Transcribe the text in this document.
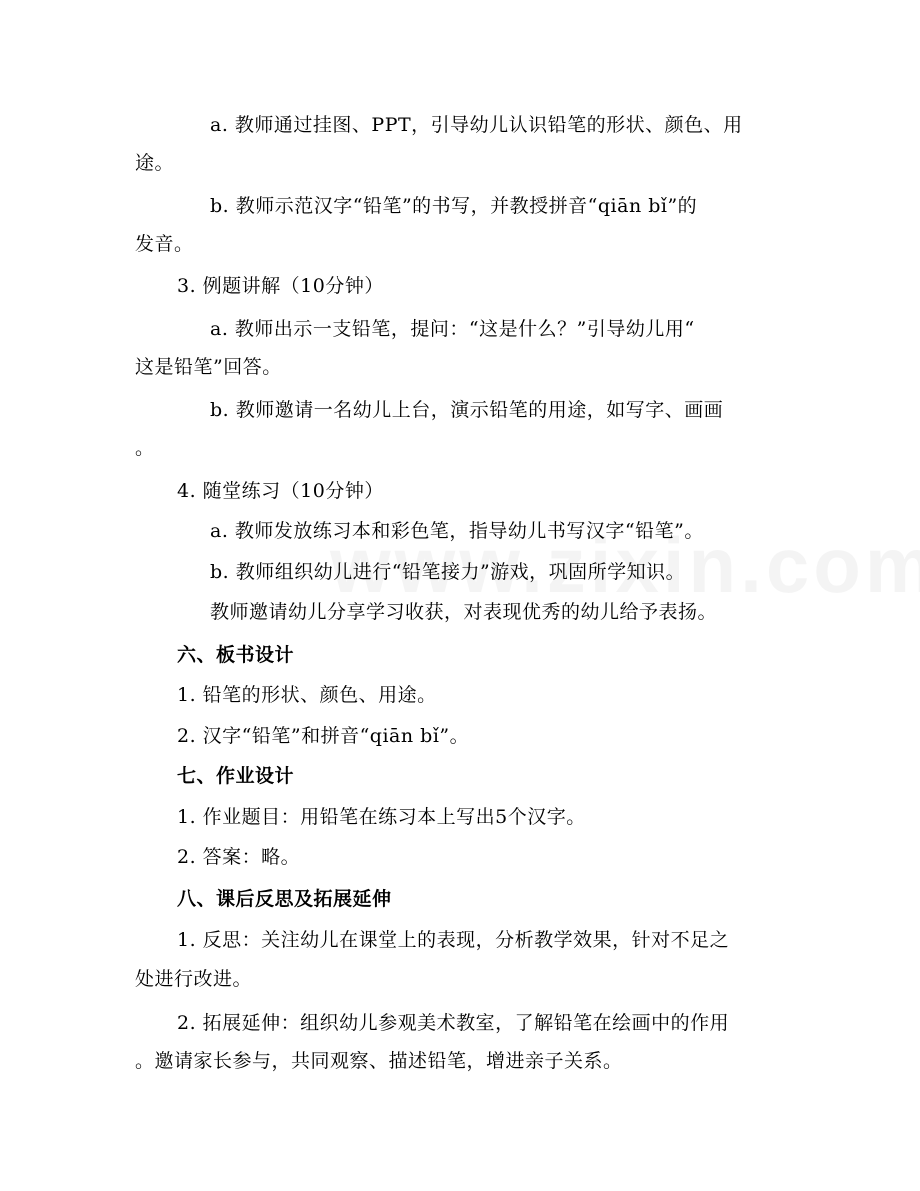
a. 教师通过挂图、PPT，引导幼儿认识铅笔的形状、颜色、用
途。
b. 教师示范汉字“铅笔”的书写，并教授拼音“qiān bǐ”的
发音。
3. 例题讲解（10分钟）
a. 教师出示一支铅笔，提问：“这是什么？”引导幼儿用“
这是铅笔”回答。
b. 教师邀请一名幼儿上台，演示铅笔的用途，如写字、画画
。
4. 随堂练习（10分钟）
a. 教师发放练习本和彩色笔，指导幼儿书写汉字“铅笔”。
b. 教师组织幼儿进行“铅笔接力”游戏，巩固所学知识。
教师邀请幼儿分享学习收获，对表现优秀的幼儿给予表扬。
六、板书设计
1. 铅笔的形状、颜色、用途。
2. 汉字“铅笔”和拼音“qiān bǐ”。
七、作业设计
1. 作业题目：用铅笔在练习本上写出5个汉字。
2. 答案：略。
八、课后反思及拓展延伸
1. 反思：关注幼儿在课堂上的表现，分析教学效果，针对不足之
处进行改进。
2. 拓展延伸：组织幼儿参观美术教室，了解铅笔在绘画中的作用
。邀请家长参与，共同观察、描述铅笔，增进亲子关系。
